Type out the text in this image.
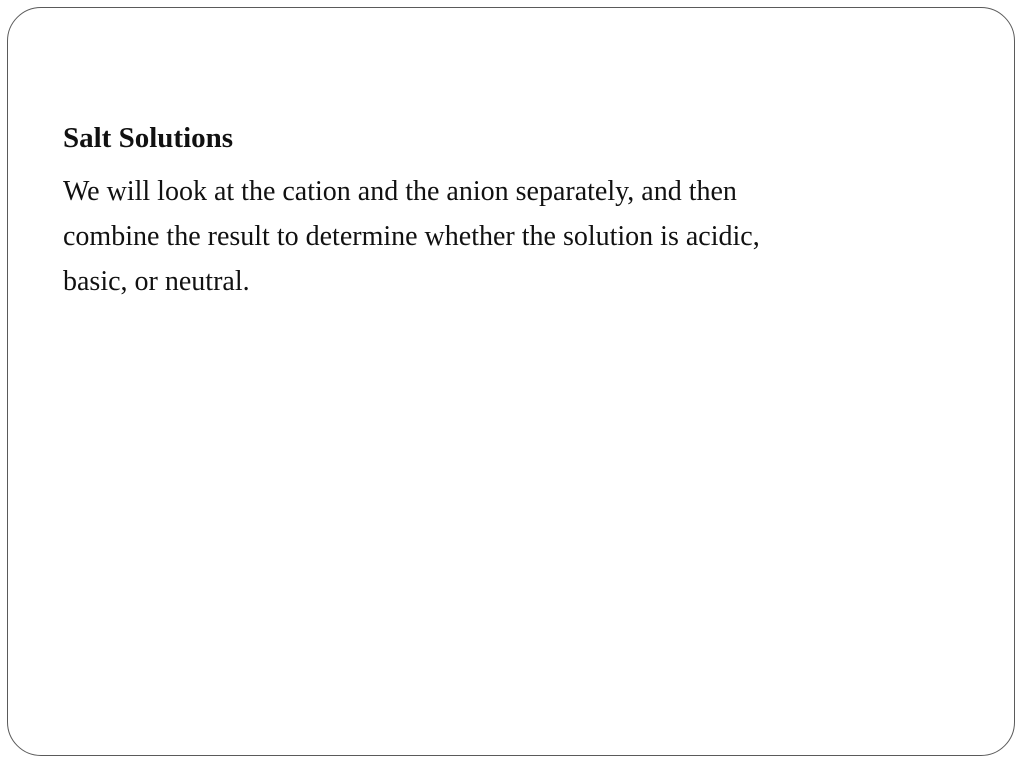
Salt Solutions
We will look at the cation and the anion separately, and then
combine the result to determine whether the solution is acidic,
basic, or neutral.
